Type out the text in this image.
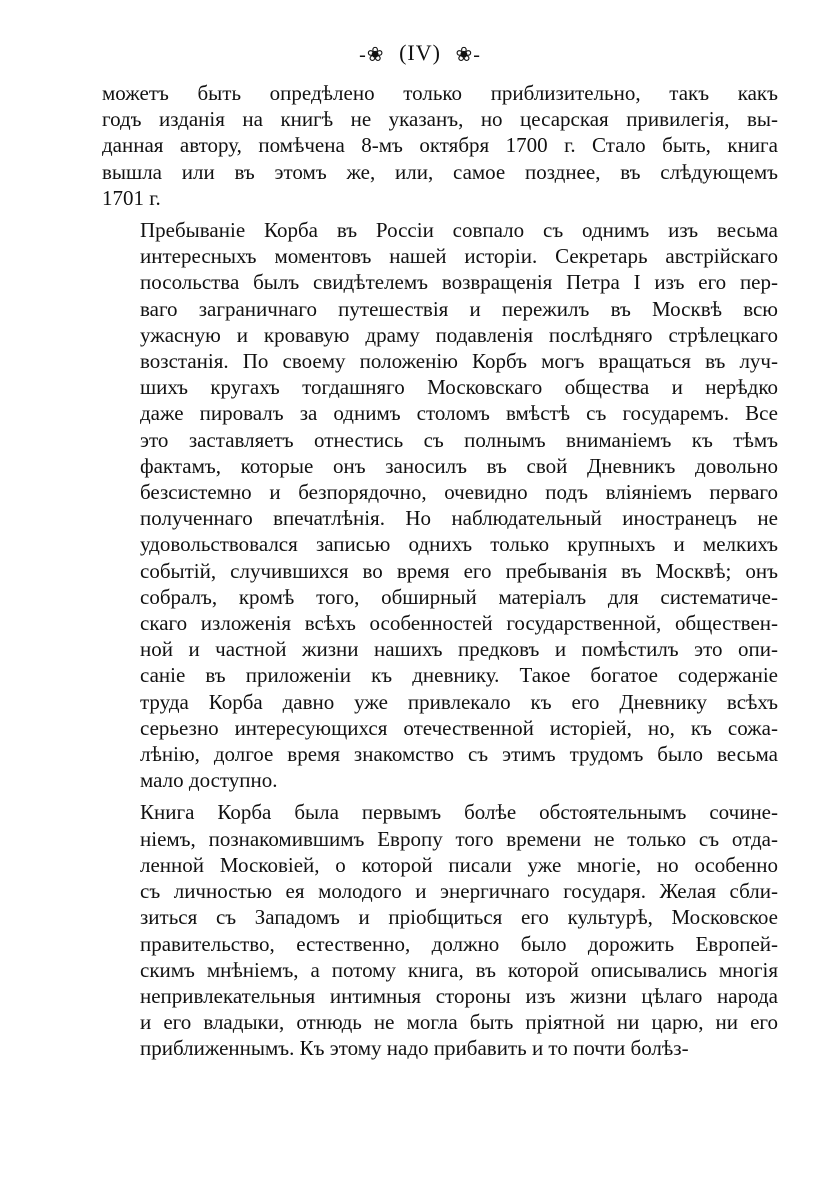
-❀ (IV) ❀-
можетъ быть опредѣлено только приблизительно, такъ какъ
годъ изданія на книгѣ не указанъ, но цесарская привилегія, вы-
данная автору, помѣчена 8-мъ октября 1700 г. Стало быть, книга
вышла или въ этомъ же, или, самое позднее, въ слѣдующемъ
1701 г.
Пребываніе Корба въ Россіи совпало съ однимъ изъ весьма
интересныхъ моментовъ нашей исторіи. Секретарь австрійскаго
посольства былъ свидѣтелемъ возвращенія Петра I изъ его пер-
ваго заграничнаго путешествія и пережилъ въ Москвѣ всю
ужасную и кровавую драму подавленія послѣдняго стрѣлецкаго
возстанія. По своему положенію Корбъ могъ вращаться въ луч-
шихъ кругахъ тогдашняго Московскаго общества и нерѣдко
даже пировалъ за однимъ столомъ вмѣстѣ съ государемъ. Все
это заставляетъ отнестись съ полнымъ вниманіемъ къ тѣмъ
фактамъ, которые онъ заносилъ въ свой Дневникъ довольно
безсистемно и безпорядочно, очевидно подъ вліяніемъ перваго
полученнаго впечатлѣнія. Но наблюдательный иностранецъ не
удовольствовался записью однихъ только крупныхъ и мелкихъ
событій, случившихся во время его пребыванія въ Москвѣ; онъ
собралъ, кромѣ того, обширный матеріалъ для систематиче-
скаго изложенія всѣхъ особенностей государственной, обществен-
ной и частной жизни нашихъ предковъ и помѣстилъ это опи-
саніе въ приложеніи къ дневнику. Такое богатое содержаніе
труда Корба давно уже привлекало къ его Дневнику всѣхъ
серьезно интересующихся отечественной исторіей, но, къ сожа-
лѣнію, долгое время знакомство съ этимъ трудомъ было весьма
мало доступно.
Книга Корба была первымъ болѣе обстоятельнымъ сочине-
ніемъ, познакомившимъ Европу того времени не только съ отда-
ленной Московіей, о которой писали уже многіе, но особенно
съ личностью ея молодого и энергичнаго государя. Желая сбли-
зиться съ Западомъ и пріобщиться его культурѣ, Московское
правительство, естественно, должно было дорожить Европей-
скимъ мнѣніемъ, а потому книга, въ которой описывались многія
непривлекательныя интимныя стороны изъ жизни цѣлаго народа
и его владыки, отнюдь не могла быть пріятной ни царю, ни его
приближеннымъ. Къ этому надо прибавить и то почти болѣз-
